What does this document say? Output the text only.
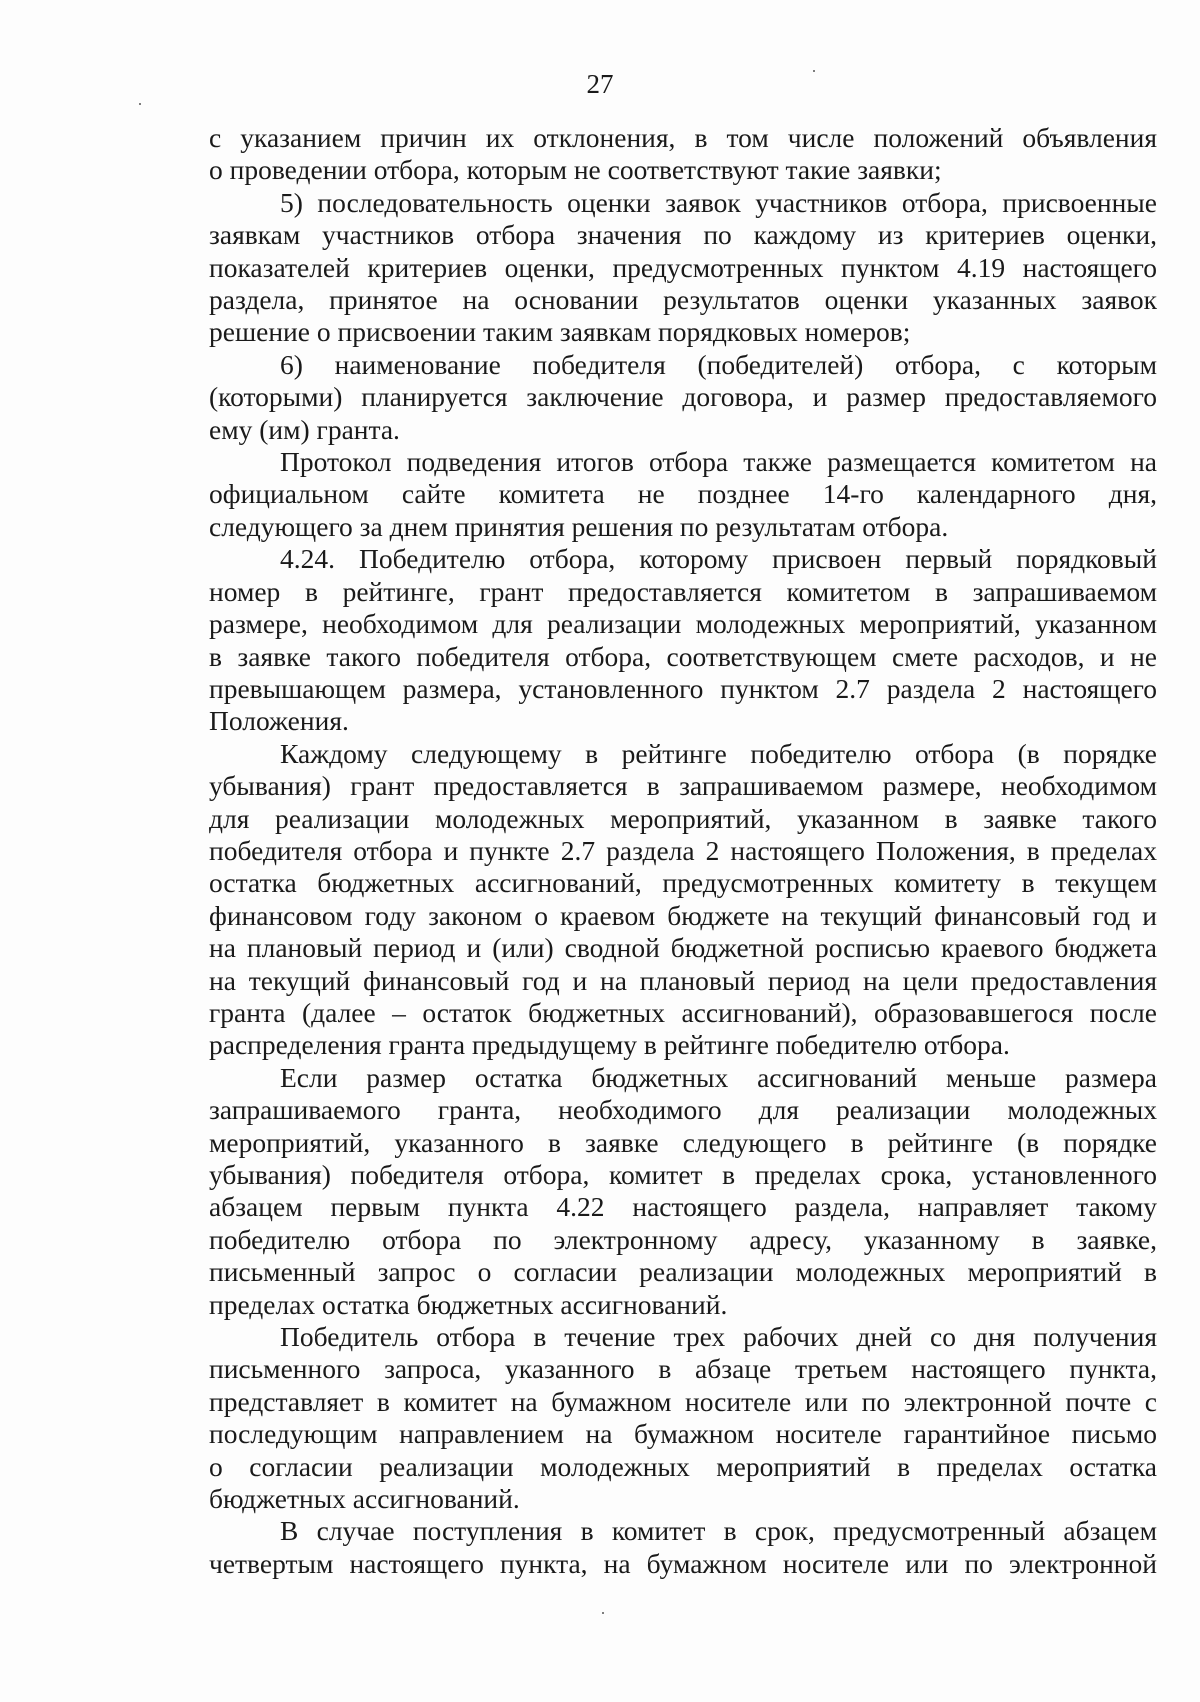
27
с указанием причин их отклонения, в том числе положений объявления
о проведении отбора, которым не соответствуют такие заявки;
5) последовательность оценки заявок участников отбора, присвоенные
заявкам участников отбора значения по каждому из критериев оценки,
показателей критериев оценки, предусмотренных пунктом 4.19 настоящего
раздела, принятое на основании результатов оценки указанных заявок
решение о присвоении таким заявкам порядковых номеров;
6) наименование победителя (победителей) отбора, с которым
(которыми) планируется заключение договора, и размер предоставляемого
ему (им) гранта.
Протокол подведения итогов отбора также размещается комитетом на
официальном сайте комитета не позднее 14-го календарного дня,
следующего за днем принятия решения по результатам отбора.
4.24. Победителю отбора, которому присвоен первый порядковый
номер в рейтинге, грант предоставляется комитетом в запрашиваемом
размере, необходимом для реализации молодежных мероприятий, указанном
в заявке такого победителя отбора, соответствующем смете расходов, и не
превышающем размера, установленного пунктом 2.7 раздела 2 настоящего
Положения.
Каждому следующему в рейтинге победителю отбора (в порядке
убывания) грант предоставляется в запрашиваемом размере, необходимом
для реализации молодежных мероприятий, указанном в заявке такого
победителя отбора и пункте 2.7 раздела 2 настоящего Положения, в пределах
остатка бюджетных ассигнований, предусмотренных комитету в текущем
финансовом году законом о краевом бюджете на текущий финансовый год и
на плановый период и (или) сводной бюджетной росписью краевого бюджета
на текущий финансовый год и на плановый период на цели предоставления
гранта (далее – остаток бюджетных ассигнований), образовавшегося после
распределения гранта предыдущему в рейтинге победителю отбора.
Если размер остатка бюджетных ассигнований меньше размера
запрашиваемого гранта, необходимого для реализации молодежных
мероприятий, указанного в заявке следующего в рейтинге (в порядке
убывания) победителя отбора, комитет в пределах срока, установленного
абзацем первым пункта 4.22 настоящего раздела, направляет такому
победителю отбора по электронному адресу, указанному в заявке,
письменный запрос о согласии реализации молодежных мероприятий в
пределах остатка бюджетных ассигнований.
Победитель отбора в течение трех рабочих дней со дня получения
письменного запроса, указанного в абзаце третьем настоящего пункта,
представляет в комитет на бумажном носителе или по электронной почте с
последующим направлением на бумажном носителе гарантийное письмо
о согласии реализации молодежных мероприятий в пределах остатка
бюджетных ассигнований.
В случае поступления в комитет в срок, предусмотренный абзацем
четвертым настоящего пункта, на бумажном носителе или по электронной
